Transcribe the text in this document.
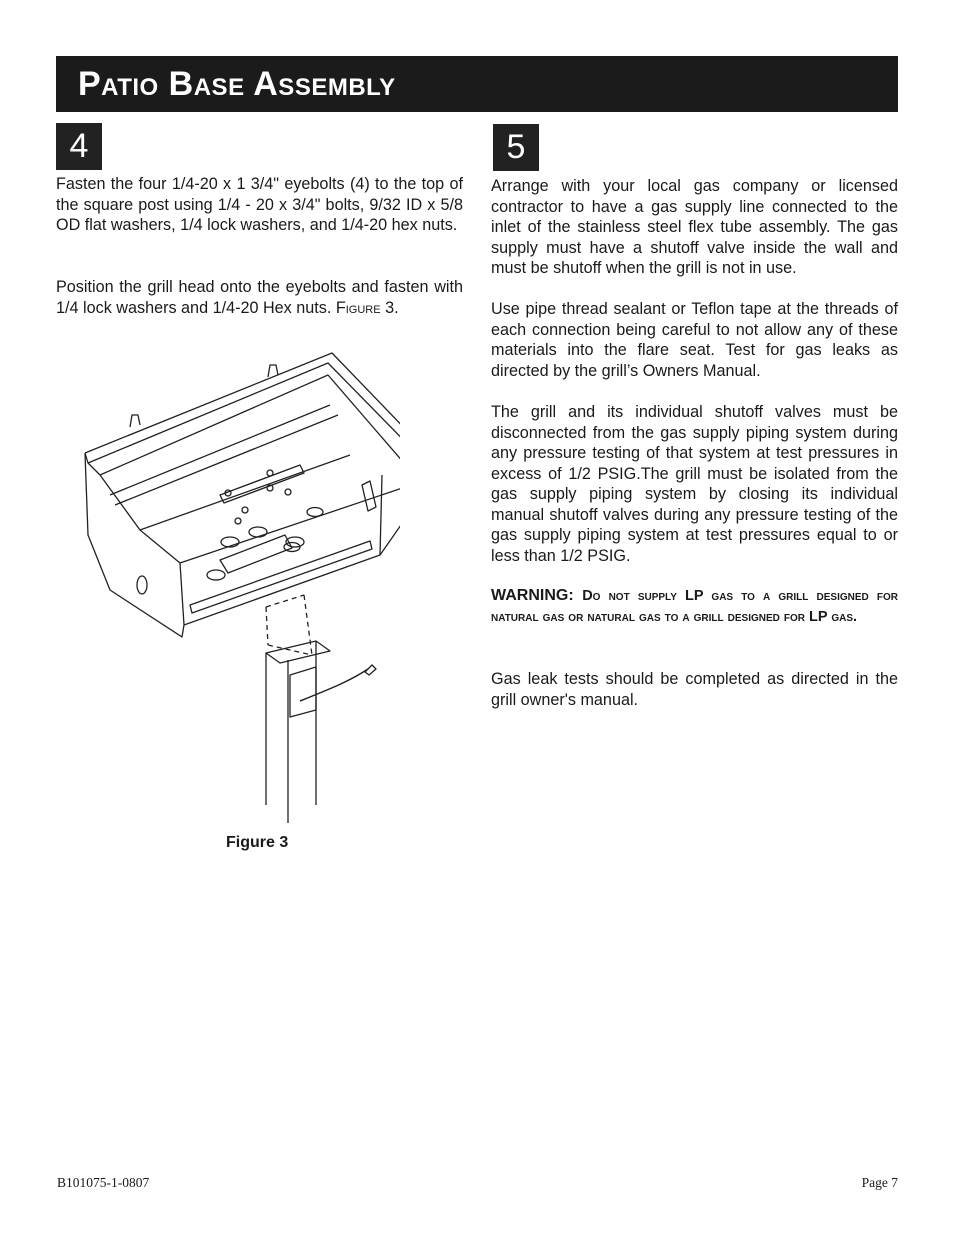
Patio Base Assembly
4

Fasten the four 1/4-20 x 1 3/4" eyebolts (4) to the top of the square post using 1/4 - 20 x 3/4" bolts, 9/32 ID x 5/8 OD flat washers, 1/4 lock washers, and 1/4-20 hex nuts.

Position the grill head onto the eyebolts and fasten with 1/4 lock washers and 1/4-20 Hex nuts. Figure 3.

Figure 3
5

Arrange with your local gas company or licensed contractor to have a gas supply line connected to the inlet of the stainless steel flex tube assembly. The gas supply must have a shutoff valve inside the wall and must be shutoff when the grill is not in use.

Use pipe thread sealant or Teflon tape at the threads of each connection being careful to not allow any of these materials into the flare seat. Test for gas leaks as directed by the grill’s Owners Manual.

The grill and its individual shutoff valves must be disconnected from the gas supply piping system during any pressure testing of that system at test pressures in excess of 1/2 PSIG.The grill must be isolated from the gas supply piping system by closing its individual manual shutoff valves during any pressure testing of the gas supply piping system at test pressures equal to or less than 1/2 PSIG.

WARNING: Do not supply LP gas to a grill designed for natural gas or natural gas to a grill designed for LP gas.

Gas leak tests should be completed as directed in the grill owner's manual.

B101075-1-0807	Page 7
